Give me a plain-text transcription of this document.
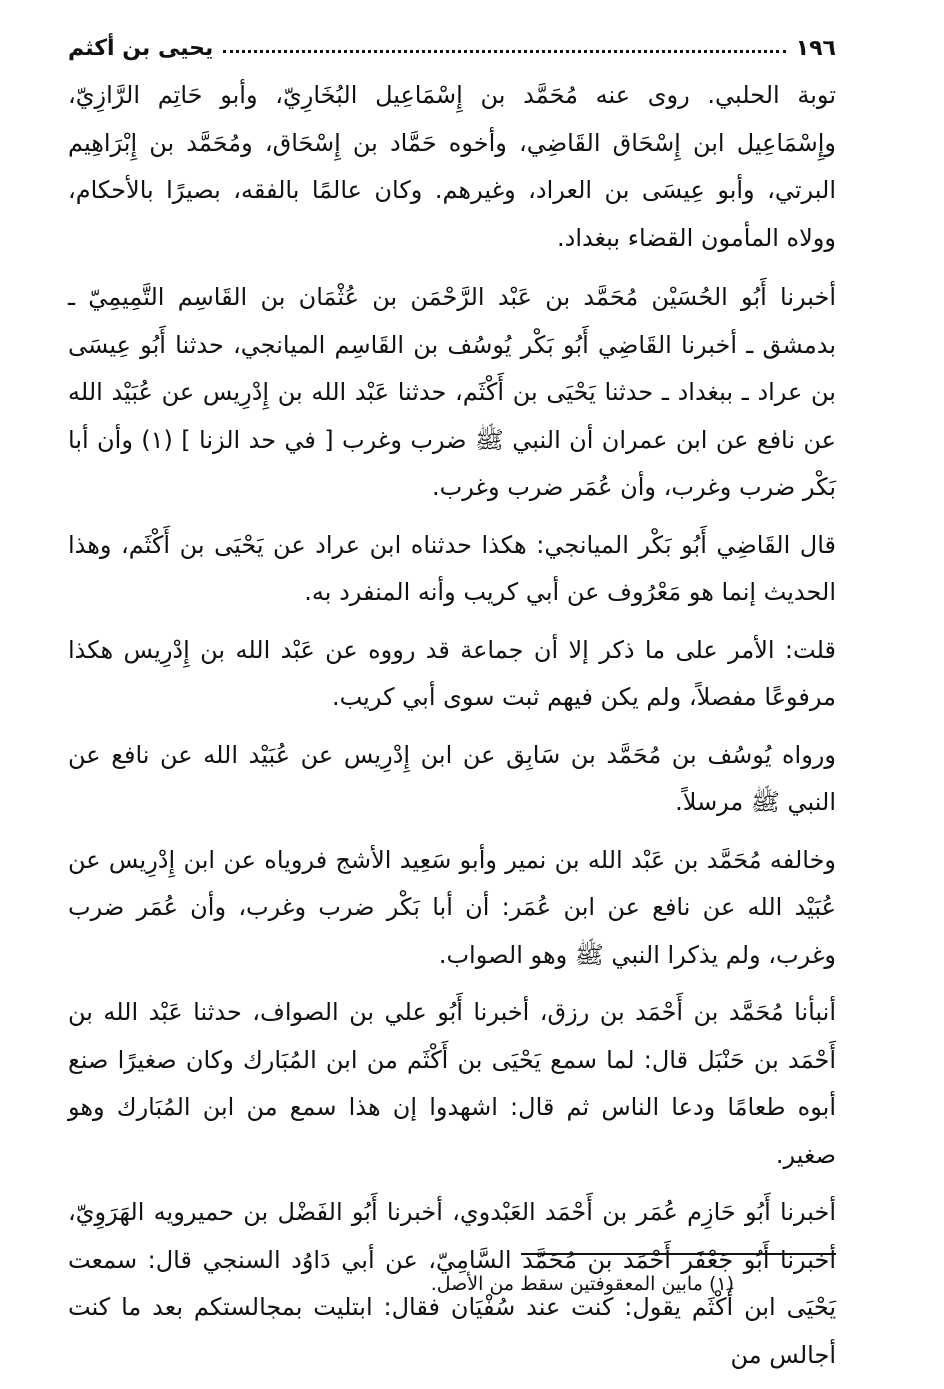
١٩٦
يحيى بن أكثم

توبة الحلبي. روى عنه مُحَمَّد بن إِسْمَاعِيل البُخَارِيّ، وأبو حَاتِم الرَّازِيّ، وإِسْمَاعِيل ابن إِسْحَاق القَاضِي، وأخوه حَمَّاد بن إِسْحَاق، ومُحَمَّد بن إِبْرَاهِيم البرتي، وأبو عِيسَى بن العراد، وغيرهم. وكان عالمًا بالفقه، بصيرًا بالأحكام، وولاه المأمون القضاء ببغداد.

أخبرنا أَبُو الحُسَيْن مُحَمَّد بن عَبْد الرَّحْمَن بن عُثْمَان بن القَاسِم التَّمِيمِيّ ـ بدمشق ـ أخبرنا القَاضِي أَبُو بَكْر يُوسُف بن القَاسِم الميانجي، حدثنا أَبُو عِيسَى بن عراد ـ ببغداد ـ حدثنا يَحْيَى بن أَكْثَم، حدثنا عَبْد الله بن إِدْرِيس عن عُبَيْد الله عن نافع عن ابن عمران أن النبي ﷺ ضرب وغرب [ في حد الزنا ] (١) وأن أبا بَكْر ضرب وغرب، وأن عُمَر ضرب وغرب.

قال القَاضِي أَبُو بَكْر الميانجي: هكذا حدثناه ابن عراد عن يَحْيَى بن أَكْثَم، وهذا الحديث إنما هو مَعْرُوف عن أبي كريب وأنه المنفرد به.

قلت: الأمر على ما ذكر إلا أن جماعة قد رووه عن عَبْد الله بن إِدْرِيس هكذا مرفوعًا مفصلاً، ولم يكن فيهم ثبت سوى أبي كريب.

ورواه يُوسُف بن مُحَمَّد بن سَابِق عن ابن إِدْرِيس عن عُبَيْد الله عن نافع عن النبي ﷺ مرسلاً.

وخالفه مُحَمَّد بن عَبْد الله بن نمير وأبو سَعِيد الأشج فروياه عن ابن إِدْرِيس عن عُبَيْد الله عن نافع عن ابن عُمَر: أن أبا بَكْر ضرب وغرب، وأن عُمَر ضرب وغرب، ولم يذكرا النبي ﷺ وهو الصواب.

أنبأنا مُحَمَّد بن أَحْمَد بن رزق، أخبرنا أَبُو علي بن الصواف، حدثنا عَبْد الله بن أَحْمَد بن حَنْبَل قال: لما سمع يَحْيَى بن أَكْثَم من ابن المُبَارك وكان صغيرًا صنع أبوه طعامًا ودعا الناس ثم قال: اشهدوا إن هذا سمع من ابن المُبَارك وهو صغير.

أخبرنا أَبُو حَازِم عُمَر بن أَحْمَد العَبْدوي، أخبرنا أَبُو الفَضْل بن حميرويه الهَرَوِيّ، أخبرنا أَبُو جَعْفَر أَحْمَد بن مُحَمَّد السَّامِيّ، عن أبي دَاوُد السنجي قال: سمعت يَحْيَى ابن أَكْثَم يقول: كنت عند سُفْيَان فقال: ابتليت بمجالستكم بعد ما كنت أجالس من

(١) مابين المعقوفتين سقط من الأصل.
